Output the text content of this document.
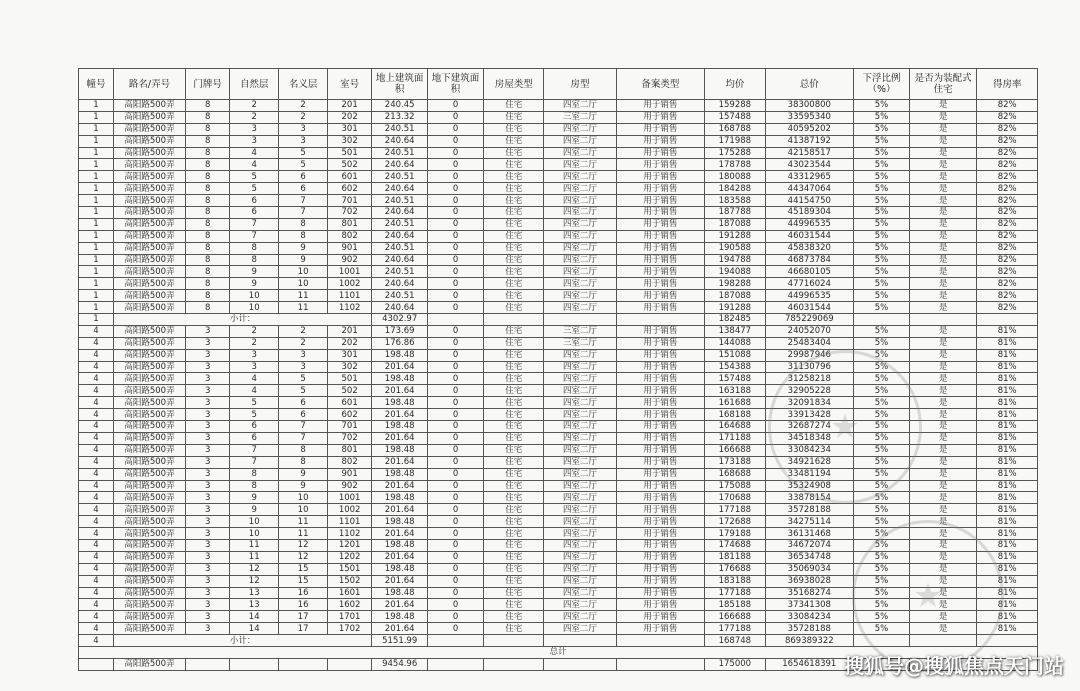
幢号	路名/弄号	门牌号	自然层	名义层	室号	地上建筑面积	地下建筑面积	房屋类型	房型	备案类型	均价	总价	下浮比例（%）	是否为装配式住宅	得房率
1	高阳路500弄	8	2	2	201	240.45	0	住宅	四室二厅	用于销售	159288	38300800	5%	是	82%
1	高阳路500弄	8	2	2	202	213.32	0	住宅	三室二厅	用于销售	157488	33595340	5%	是	82%
1	高阳路500弄	8	3	3	301	240.51	0	住宅	四室二厅	用于销售	168788	40595202	5%	是	82%
1	高阳路500弄	8	3	3	302	240.64	0	住宅	四室二厅	用于销售	171988	41387192	5%	是	82%
1	高阳路500弄	8	4	5	501	240.51	0	住宅	四室二厅	用于销售	175288	42158517	5%	是	82%
1	高阳路500弄	8	4	5	502	240.64	0	住宅	四室二厅	用于销售	178788	43023544	5%	是	82%
1	高阳路500弄	8	5	6	601	240.51	0	住宅	四室二厅	用于销售	180088	43312965	5%	是	82%
1	高阳路500弄	8	5	6	602	240.64	0	住宅	四室二厅	用于销售	184288	44347064	5%	是	82%
1	高阳路500弄	8	6	7	701	240.51	0	住宅	四室二厅	用于销售	183588	44154750	5%	是	82%
1	高阳路500弄	8	6	7	702	240.64	0	住宅	四室二厅	用于销售	187788	45189304	5%	是	82%
1	高阳路500弄	8	7	8	801	240.51	0	住宅	四室二厅	用于销售	187088	44996535	5%	是	82%
1	高阳路500弄	8	7	8	802	240.64	0	住宅	四室二厅	用于销售	191288	46031544	5%	是	82%
1	高阳路500弄	8	8	9	901	240.51	0	住宅	四室二厅	用于销售	190588	45838320	5%	是	82%
1	高阳路500弄	8	8	9	902	240.64	0	住宅	四室二厅	用于销售	194788	46873784	5%	是	82%
1	高阳路500弄	8	9	10	1001	240.51	0	住宅	四室二厅	用于销售	194088	46680105	5%	是	82%
1	高阳路500弄	8	9	10	1002	240.64	0	住宅	四室二厅	用于销售	198288	47716024	5%	是	82%
1	高阳路500弄	8	10	11	1101	240.51	0	住宅	四室二厅	用于销售	187088	44996535	5%	是	82%
1	高阳路500弄	8	10	11	1102	240.64	0	住宅	四室二厅	用于销售	191288	46031544	5%	是	82%
1	小计：					4302.97					182485	785229069			
4	高阳路500弄	3	2	2	201	173.69	0	住宅	三室二厅	用于销售	138477	24052070	5%	是	81%
4	高阳路500弄	3	2	2	202	176.86	0	住宅	三室二厅	用于销售	144088	25483404	5%	是	81%
4	高阳路500弄	3	3	3	301	198.48	0	住宅	四室二厅	用于销售	151088	29987946	5%	是	81%
4	高阳路500弄	3	3	3	302	201.64	0	住宅	四室二厅	用于销售	154388	31130796	5%	是	81%
4	高阳路500弄	3	4	5	501	198.48	0	住宅	四室二厅	用于销售	157488	31258218	5%	是	81%
4	高阳路500弄	3	4	5	502	201.64	0	住宅	四室二厅	用于销售	163188	32905228	5%	是	81%
4	高阳路500弄	3	5	6	601	198.48	0	住宅	四室二厅	用于销售	161688	32091834	5%	是	81%
4	高阳路500弄	3	5	6	602	201.64	0	住宅	四室二厅	用于销售	168188	33913428	5%	是	81%
4	高阳路500弄	3	6	7	701	198.48	0	住宅	四室二厅	用于销售	164688	32687274	5%	是	81%
4	高阳路500弄	3	6	7	702	201.64	0	住宅	四室二厅	用于销售	171188	34518348	5%	是	81%
4	高阳路500弄	3	7	8	801	198.48	0	住宅	四室二厅	用于销售	166688	33084234	5%	是	81%
4	高阳路500弄	3	7	8	802	201.64	0	住宅	四室二厅	用于销售	173188	34921628	5%	是	81%
4	高阳路500弄	3	8	9	901	198.48	0	住宅	四室二厅	用于销售	168688	33481194	5%	是	81%
4	高阳路500弄	3	8	9	902	201.64	0	住宅	四室二厅	用于销售	175088	35324908	5%	是	81%
4	高阳路500弄	3	9	10	1001	198.48	0	住宅	四室二厅	用于销售	170688	33878154	5%	是	81%
4	高阳路500弄	3	9	10	1002	201.64	0	住宅	四室二厅	用于销售	177188	35728188	5%	是	81%
4	高阳路500弄	3	10	11	1101	198.48	0	住宅	四室二厅	用于销售	172688	34275114	5%	是	81%
4	高阳路500弄	3	10	11	1102	201.64	0	住宅	四室二厅	用于销售	179188	36131468	5%	是	81%
4	高阳路500弄	3	11	12	1201	198.48	0	住宅	四室二厅	用于销售	174688	34672074	5%	是	81%
4	高阳路500弄	3	11	12	1202	201.64	0	住宅	四室二厅	用于销售	181188	36534748	5%	是	81%
4	高阳路500弄	3	12	15	1501	198.48	0	住宅	四室二厅	用于销售	176688	35069034	5%	是	81%
4	高阳路500弄	3	12	15	1502	201.64	0	住宅	四室二厅	用于销售	183188	36938028	5%	是	81%
4	高阳路500弄	3	13	16	1601	198.48	0	住宅	四室二厅	用于销售	177188	35168274	5%	是	81%
4	高阳路500弄	3	13	16	1602	201.64	0	住宅	四室二厅	用于销售	185188	37341308	5%	是	81%
4	高阳路500弄	3	14	17	1701	198.48	0	住宅	四室二厅	用于销售	166688	33084234	5%	是	81%
4	高阳路500弄	3	14	17	1702	201.64	0	住宅	四室二厅	用于销售	177188	35728188	5%	是	81%
4	小计：					5151.99					168748	869389322			
总计															
	高阳路500弄					9454.96					175000	1654618391			
★ ★ 搜狐号@搜狐焦点天门站
